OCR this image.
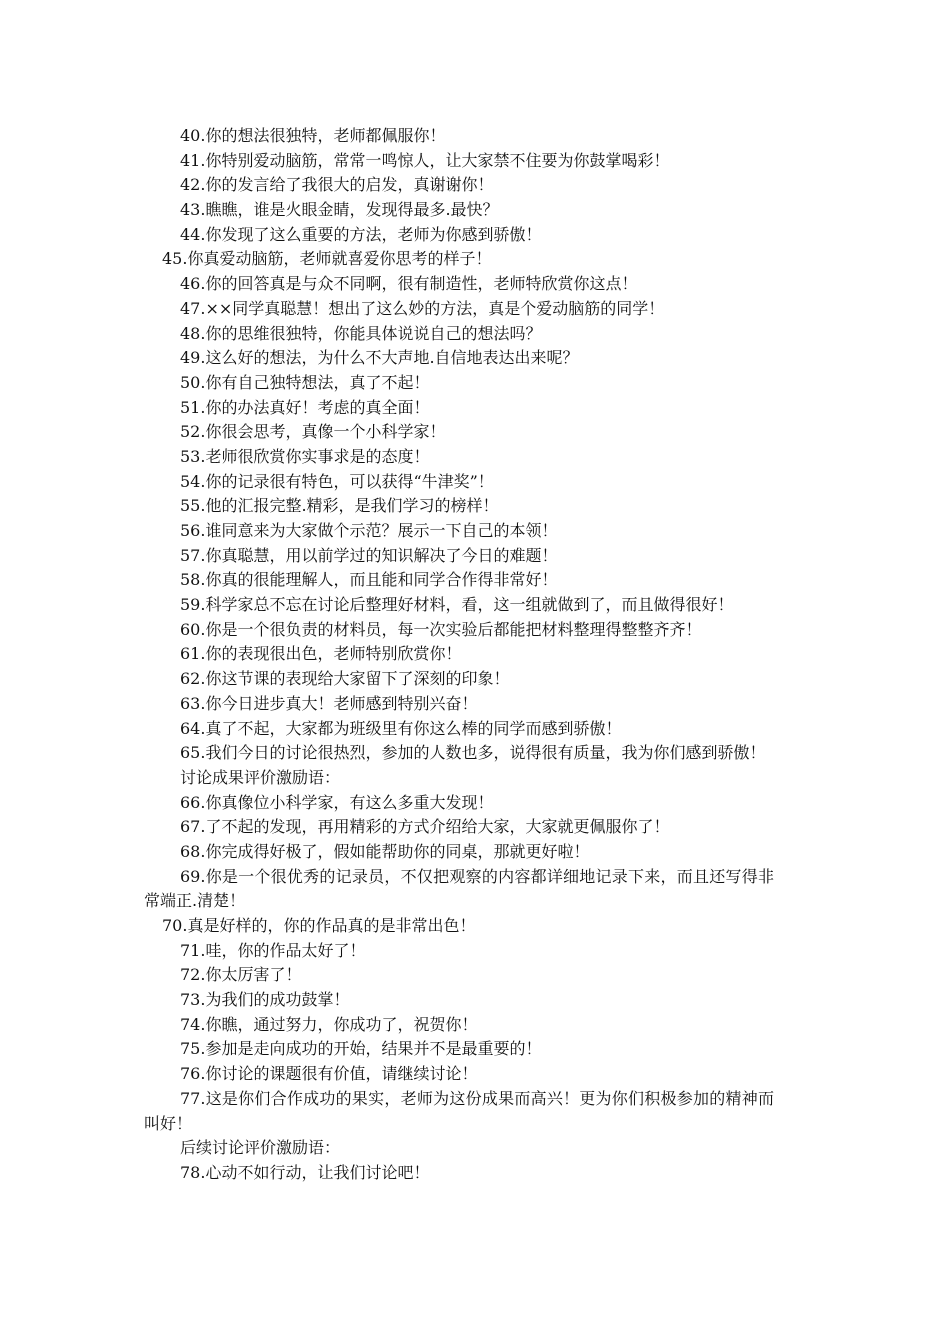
40.你的想法很独特，老师都佩服你！
41.你特别爱动脑筋，常常一鸣惊人，让大家禁不住要为你鼓掌喝彩！
42.你的发言给了我很大的启发，真谢谢你！
43.瞧瞧，谁是火眼金睛，发现得最多.最快？
44.你发现了这么重要的方法，老师为你感到骄傲！
45.你真爱动脑筋，老师就喜爱你思考的样子！
46.你的回答真是与众不同啊，很有制造性，老师特欣赏你这点！
47.××同学真聪慧！想出了这么妙的方法，真是个爱动脑筋的同学！
48.你的思维很独特，你能具体说说自己的想法吗？
49.这么好的想法，为什么不大声地.自信地表达出来呢？
50.你有自己独特想法，真了不起！
51.你的办法真好！考虑的真全面！
52.你很会思考，真像一个小科学家！
53.老师很欣赏你实事求是的态度！
54.你的记录很有特色，可以获得“牛津奖”！
55.他的汇报完整.精彩，是我们学习的榜样！
56.谁同意来为大家做个示范？展示一下自己的本领！
57.你真聪慧，用以前学过的知识解决了今日的难题！
58.你真的很能理解人，而且能和同学合作得非常好！
59.科学家总不忘在讨论后整理好材料，看，这一组就做到了，而且做得很好！
60.你是一个很负责的材料员，每一次实验后都能把材料整理得整整齐齐！
61.你的表现很出色，老师特别欣赏你！
62.你这节课的表现给大家留下了深刻的印象！
63.你今日进步真大！老师感到特别兴奋！
64.真了不起，大家都为班级里有你这么棒的同学而感到骄傲！
65.我们今日的讨论很热烈，参加的人数也多，说得很有质量，我为你们感到骄傲！
讨论成果评价激励语：
66.你真像位小科学家，有这么多重大发现！
67.了不起的发现，再用精彩的方式介绍给大家，大家就更佩服你了！
68.你完成得好极了，假如能帮助你的同桌，那就更好啦！
69.你是一个很优秀的记录员，不仅把观察的内容都详细地记录下来，而且还写得非常端正.清楚！
70.真是好样的，你的作品真的是非常出色！
71.哇，你的作品太好了！
72.你太厉害了！
73.为我们的成功鼓掌！
74.你瞧，通过努力，你成功了，祝贺你！
75.参加是走向成功的开始，结果并不是最重要的！
76.你讨论的课题很有价值，请继续讨论！
77.这是你们合作成功的果实，老师为这份成果而高兴！更为你们积极参加的精神而叫好！
后续讨论评价激励语：
78.心动不如行动，让我们讨论吧！
